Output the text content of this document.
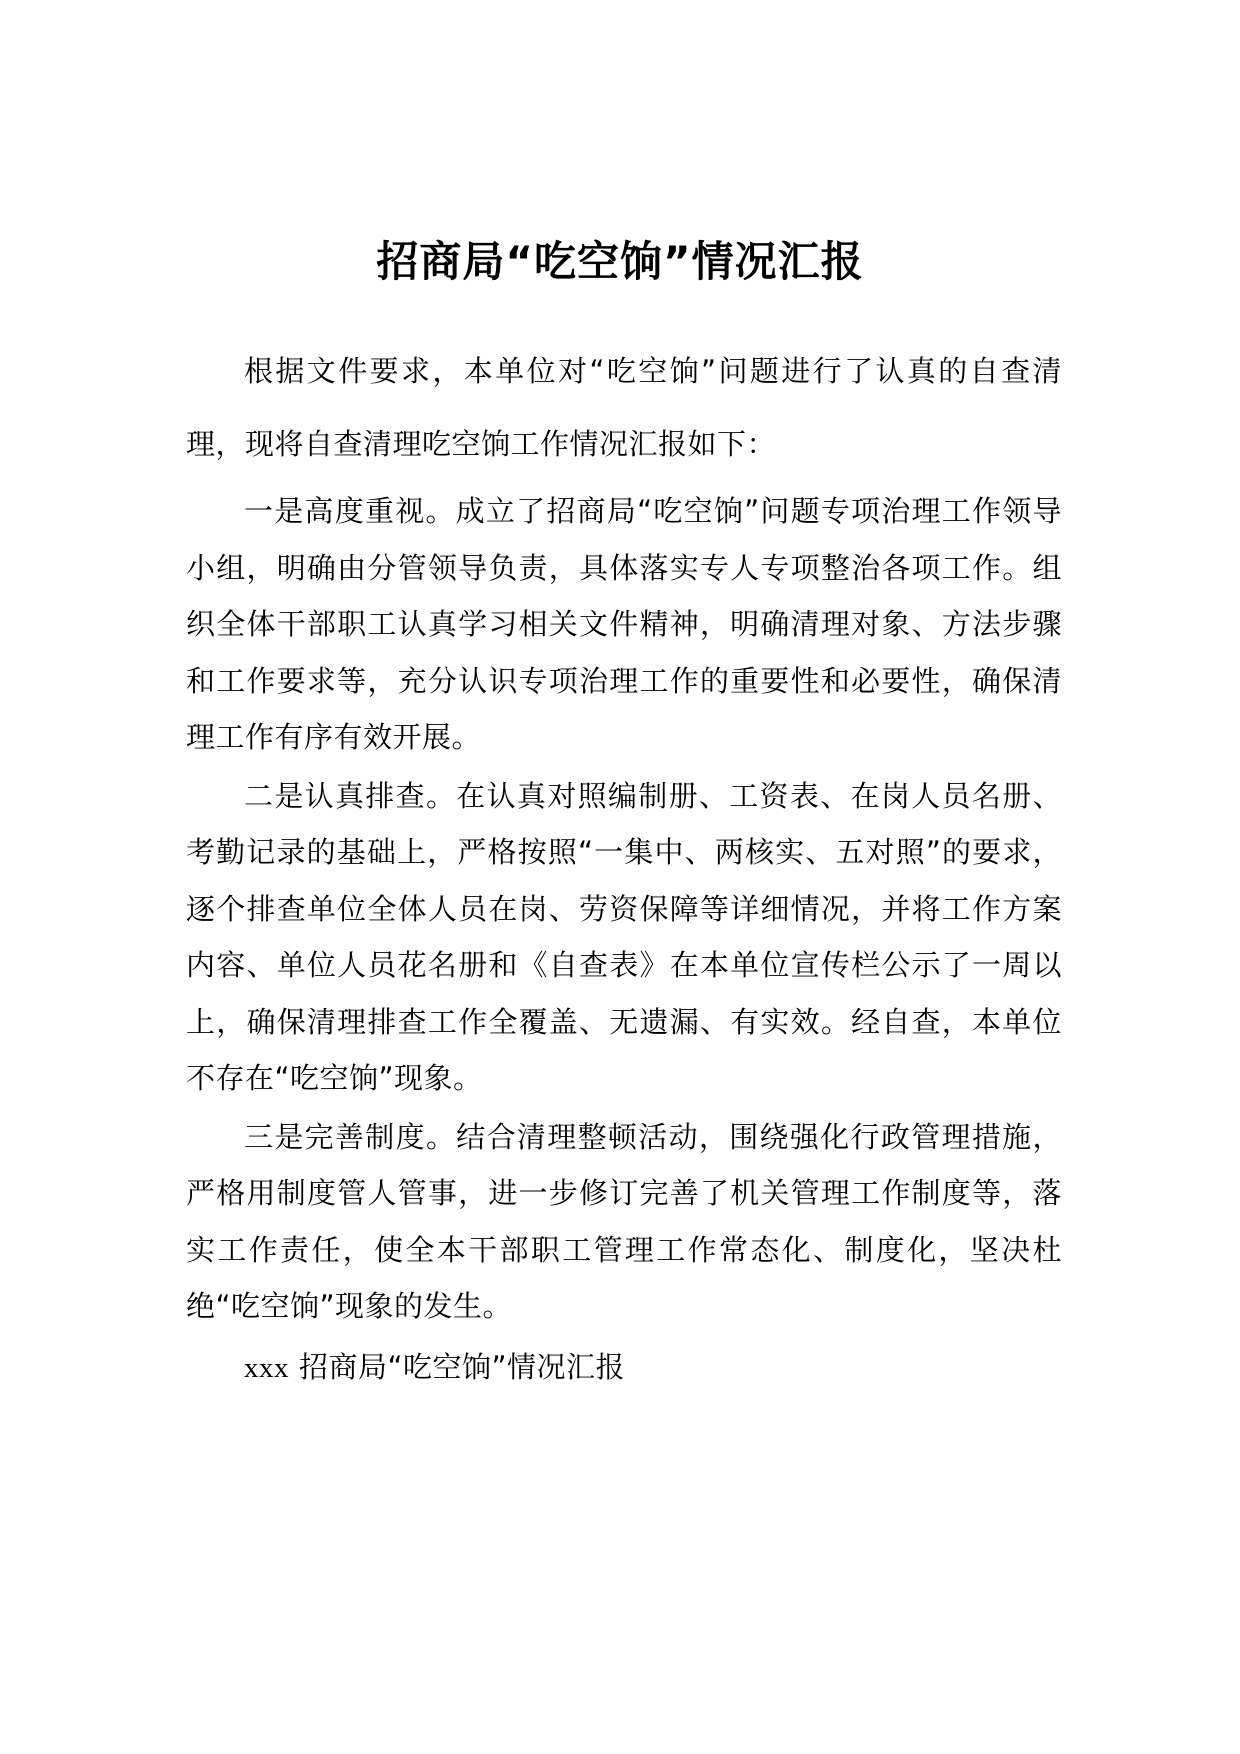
招商局“吃空饷”情况汇报

根据文件要求，本单位对“吃空饷”问题进行了认真的自查清理，现将自查清理吃空饷工作情况汇报如下：

一是高度重视。成立了招商局“吃空饷”问题专项治理工作领导小组，明确由分管领导负责，具体落实专人专项整治各项工作。组织全体干部职工认真学习相关文件精神，明确清理对象、方法步骤和工作要求等，充分认识专项治理工作的重要性和必要性，确保清理工作有序有效开展。

二是认真排查。在认真对照编制册、工资表、在岗人员名册、考勤记录的基础上，严格按照“一集中、两核实、五对照”的要求，逐个排查单位全体人员在岗、劳资保障等详细情况，并将工作方案内容、单位人员花名册和《自查表》在本单位宣传栏公示了一周以上，确保清理排查工作全覆盖、无遗漏、有实效。经自查，本单位不存在“吃空饷”现象。

三是完善制度。结合清理整顿活动，围绕强化行政管理措施，严格用制度管人管事，进一步修订完善了机关管理工作制度等，落实工作责任，使全本干部职工管理工作常态化、制度化，坚决杜绝“吃空饷”现象的发生。

xxx 招商局“吃空饷”情况汇报
